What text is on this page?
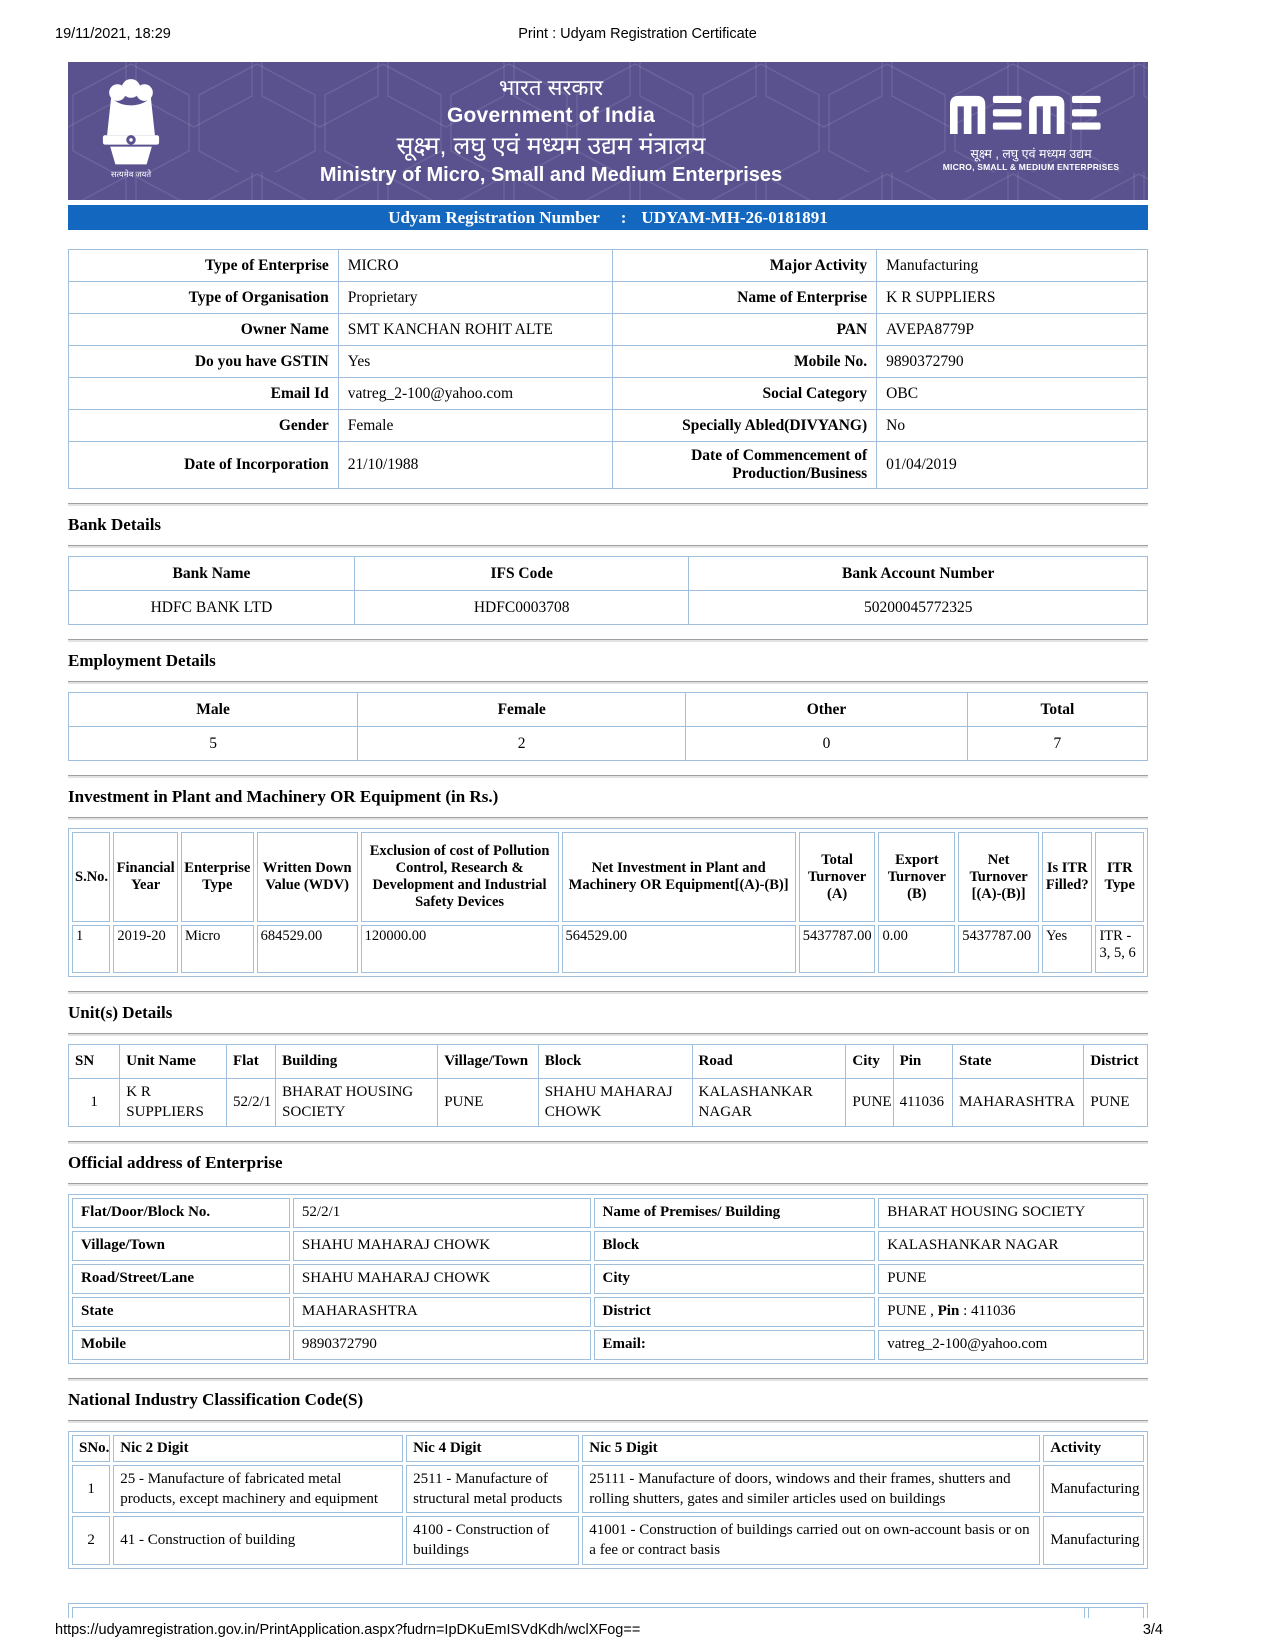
19/11/2021, 18:29	Print : Udyam Registration Certificate
सत्यमेव जयते
भारत सरकार
Government of India
सूक्ष्म, लघु एवं मध्यम उद्यम मंत्रालय
Ministry of Micro, Small and Medium Enterprises
सूक्ष्म , लघु एवं मध्यम उद्यम
MICRO, SMALL & MEDIUM ENTERPRISES
Udyam Registration Number : UDYAM-MH-26-0181891
Type of Enterprise	MICRO	Major Activity	Manufacturing
Type of Organisation	Proprietary	Name of Enterprise	K R SUPPLIERS
Owner Name	SMT KANCHAN ROHIT ALTE	PAN	AVEPA8779P
Do you have GSTIN	Yes	Mobile No.	9890372790
Email Id	vatreg_2-100@yahoo.com	Social Category	OBC
Gender	Female	Specially Abled(DIVYANG)	No
Date of Incorporation	21/10/1988	Date of Commencement of Production/Business	01/04/2019
Bank Details
Bank Name	IFS Code	Bank Account Number
HDFC BANK LTD	HDFC0003708	50200045772325
Employment Details
Male	Female	Other	Total
5	2	0	7
Investment in Plant and Machinery OR Equipment (in Rs.)
S.No.	Financial Year	Enterprise Type	Written Down Value (WDV)	Exclusion of cost of Pollution Control, Research & Development and Industrial Safety Devices	Net Investment in Plant and Machinery OR Equipment[(A)-(B)]	Total Turnover (A)	Export Turnover (B)	Net Turnover [(A)-(B)]	Is ITR Filled?	ITR Type
1	2019-20	Micro	684529.00	120000.00	564529.00	5437787.00	0.00	5437787.00	Yes	ITR - 3, 5, 6
Unit(s) Details
SN	Unit Name	Flat	Building	Village/Town	Block	Road	City	Pin	State	District
1	K R SUPPLIERS	52/2/1	BHARAT HOUSING SOCIETY	PUNE	SHAHU MAHARAJ CHOWK	KALASHANKAR NAGAR	PUNE	411036	MAHARASHTRA	PUNE
Official address of Enterprise
Flat/Door/Block No.	52/2/1	Name of Premises/ Building	BHARAT HOUSING SOCIETY
Village/Town	SHAHU MAHARAJ CHOWK	Block	KALASHANKAR NAGAR
Road/Street/Lane	SHAHU MAHARAJ CHOWK	City	PUNE
State	MAHARASHTRA	District	PUNE , Pin : 411036
Mobile	9890372790	Email:	vatreg_2-100@yahoo.com
National Industry Classification Code(S)
SNo.	Nic 2 Digit	Nic 4 Digit	Nic 5 Digit	Activity
1	25 - Manufacture of fabricated metal products, except machinery and equipment	2511 - Manufacture of structural metal products	25111 - Manufacture of doors, windows and their frames, shutters and rolling shutters, gates and similer articles used on buildings	Manufacturing
2	41 - Construction of building	4100 - Construction of buildings	41001 - Construction of buildings carried out on own-account basis or on a fee or contract basis	Manufacturing
https://udyamregistration.gov.in/PrintApplication.aspx?fudrn=IpDKuEmISVdKdh/wclXFog==	3/4
